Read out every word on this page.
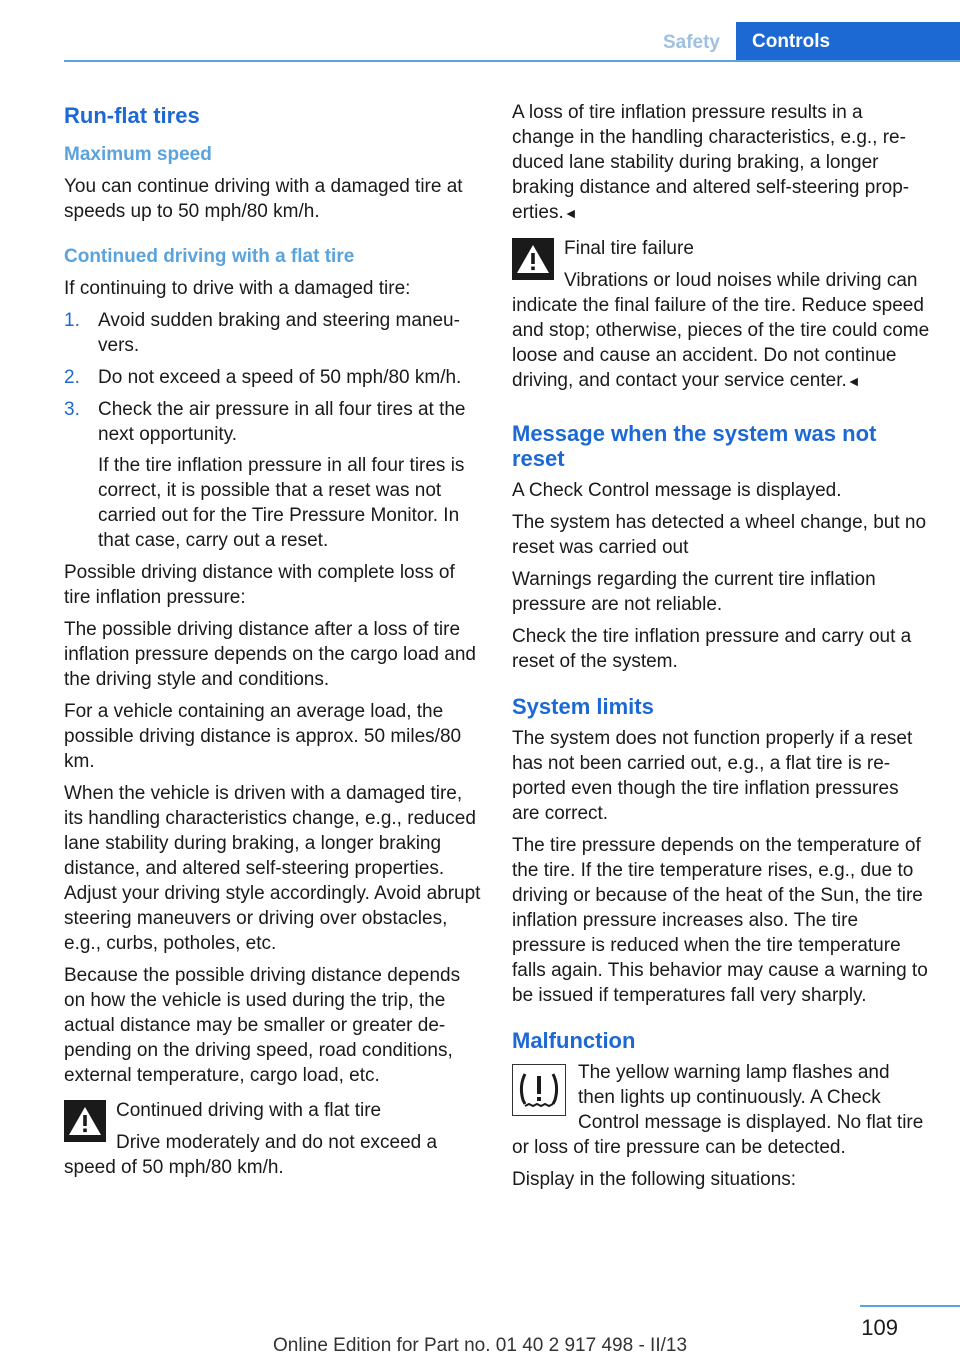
Safety	Controls
Run-flat tires
Maximum speed

You can continue driving with a damaged tire at speeds up to 50 mph/80 km/h.

Continued driving with a flat tire

If continuing to drive with a damaged tire:

1. Avoid sudden braking and steering maneuvers.
2. Do not exceed a speed of 50 mph/80 km/h.
3. Check the air pressure in all four tires at the next opportunity.
If the tire inflation pressure in all four tires is correct, it is possible that a reset was not carried out for the Tire Pressure Monitor. In that case, carry out a reset.

Possible driving distance with complete loss of tire inflation pressure:

The possible driving distance after a loss of tire inflation pressure depends on the cargo load and the driving style and conditions.

For a vehicle containing an average load, the possible driving distance is approx. 50 miles/80 km.

When the vehicle is driven with a damaged tire, its handling characteristics change, e.g., reduced lane stability during braking, a longer braking distance, and altered self-steering properties. Adjust your driving style accordingly. Avoid abrupt steering maneuvers or driving over obstacles, e.g., curbs, potholes, etc.

Because the possible driving distance depends on how the vehicle is used during the trip, the actual distance may be smaller or greater depending on the driving speed, road conditions, external temperature, cargo load, etc.

Continued driving with a flat tire

Drive moderately and do not exceed a speed of 50 mph/80 km/h.

A loss of tire inflation pressure results in a change in the handling characteristics, e.g., reduced lane stability during braking, a longer braking distance and altered self-steering properties.◄

Final tire failure

Vibrations or loud noises while driving can indicate the final failure of the tire. Reduce speed and stop; otherwise, pieces of the tire could come loose and cause an accident. Do not continue driving, and contact your service center.◄

Message when the system was not reset

A Check Control message is displayed.

The system has detected a wheel change, but no reset was carried out

Warnings regarding the current tire inflation pressure are not reliable.

Check the tire inflation pressure and carry out a reset of the system.

System limits

The system does not function properly if a reset has not been carried out, e.g., a flat tire is reported even though the tire inflation pressures are correct.

The tire pressure depends on the temperature of the tire. If the tire temperature rises, e.g., due to driving or because of the heat of the Sun, the tire inflation pressure increases also. The tire pressure is reduced when the tire temperature falls again. This behavior may cause a warning to be issued if temperatures fall very sharply.

Malfunction

The yellow warning lamp flashes and then lights up continuously. A Check Control message is displayed. No flat tire or loss of tire pressure can be detected.

Display in the following situations:

109
Online Edition for Part no. 01 40 2 917 498 - II/13
